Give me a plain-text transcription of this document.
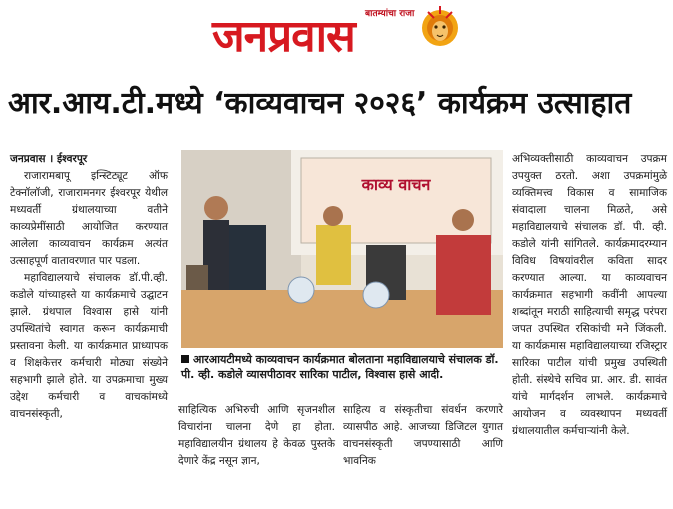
बातम्यांचा राजा
जनप्रवास
आर.आय.टी.मध्ये ‘काव्यवाचन २०२६’ कार्यक्रम उत्साहात

जनप्रवास । ईश्वरपूर

राजारामबापू इन्स्टिट्यूट ऑफ टेक्नॉलॉजी, राजारामनगर ईश्वरपूर येथील मध्यवर्ती ग्रंथालयाच्या वतीने काव्यप्रेमींसाठी आयोजित करण्यात आलेला काव्यवाचन कार्यक्रम अत्यंत उत्साहपूर्ण वातावरणात पार पडला.

महाविद्यालयाचे संचालक डॉ.पी.व्ही. कडोले यांच्याहस्ते या कार्यक्रमाचे उद्घाटन झाले. ग्रंथपाल विश्वास हासे यांनी उपस्थितांचे स्वागत करून कार्यक्रमाची प्रस्तावना केली. या कार्यक्रमात प्राध्यापक व शिक्षकेत्तर कर्मचारी मोठ्या संख्येने सहभागी झाले होते. या उपक्रमाचा मुख्य उद्देश कर्मचारी व वाचकांमध्ये वाचनसंस्कृती,

काव्य वाचन
आरआयटीमध्ये काव्यवाचन कार्यक्रमात बोलताना महाविद्यालयाचे संचालक डॉ. पी. व्ही. कडोले व्यासपीठावर सारिका पाटील, विश्वास हासे आदी.

साहित्यिक अभिरुची आणि सृजनशील विचारांना चालना देणे हा होता. महाविद्यालयीन ग्रंथालय हे केवळ पुस्तके देणारे केंद्र नसून ज्ञान,

साहित्य व संस्कृतीचा संवर्धन करणारे व्यासपीठ आहे. आजच्या डिजिटल युगात वाचनसंस्कृती जपण्यासाठी आणि भावनिक

अभिव्यक्तीसाठी काव्यवाचन उपक्रम उपयुक्त ठरतो. अशा उपक्रमांमुळे व्यक्तिमत्त्व विकास व सामाजिक संवादाला चालना मिळते, असे महाविद्यालयाचे संचालक डॉ. पी. व्ही. कडोले यांनी सांगितले. कार्यक्रमादरम्यान विविध विषयांवरील कविता सादर करण्यात आल्या. या काव्यवाचन कार्यक्रमात सहभागी कवींनी आपल्या शब्दांतून मराठी साहित्याची समृद्ध परंपरा जपत उपस्थित रसिकांची मने जिंकली. या कार्यक्रमास महाविद्यालयाच्या रजिस्ट्रार सारिका पाटील यांची प्रमुख उपस्थिती होती. संस्थेचे सचिव प्रा. आर. डी. सावंत यांचे मार्गदर्शन लाभले. कार्यक्रमाचे आयोजन व व्यवस्थापन मध्यवर्ती ग्रंथालयातील कर्मचाऱ्यांनी केले.
